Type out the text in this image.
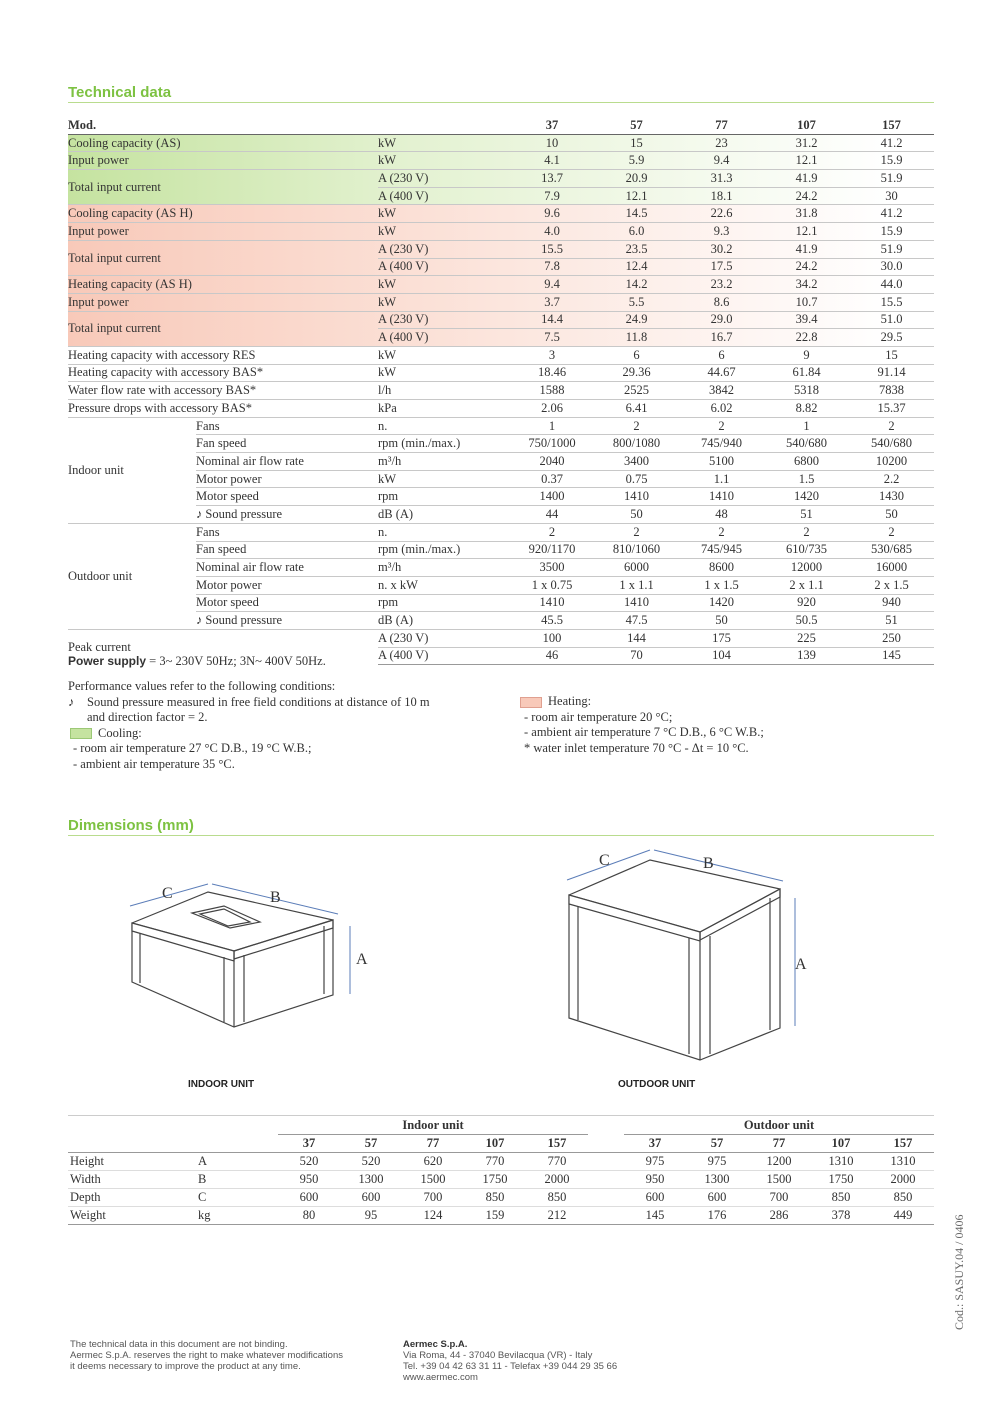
Technical data
Mod.			37	57	77	107	157
Cooling capacity (AS)		kW	10	15	23	31.2	41.2
Input power		kW	4.1	5.9	9.4	12.1	15.9
Total input current		A (230 V)	13.7	20.9	31.3	41.9	51.9
		A (400 V)	7.9	12.1	18.1	24.2	30
Cooling capacity (AS H)		kW	9.6	14.5	22.6	31.8	41.2
Input power		kW	4.0	6.0	9.3	12.1	15.9
Total input current		A (230 V)	15.5	23.5	30.2	41.9	51.9
		A (400 V)	7.8	12.4	17.5	24.2	30.0
Heating capacity (AS H)		kW	9.4	14.2	23.2	34.2	44.0
Input power		kW	3.7	5.5	8.6	10.7	15.5
Total input current		A (230 V)	14.4	24.9	29.0	39.4	51.0
		A (400 V)	7.5	11.8	16.7	22.8	29.5
Heating capacity with accessory RES		kW	3	6	6	9	15
Heating capacity with accessory BAS*		kW	18.46	29.36	44.67	61.84	91.14
Water flow rate with accessory BAS*		l/h	1588	2525	3842	5318	7838
Pressure drops with accessory BAS*		kPa	2.06	6.41	6.02	8.82	15.37
Indoor unit	Fans	n.	1	2	2	1	2
	Fan speed	rpm (min./max.)	750/1000	800/1080	745/940	540/680	540/680
	Nominal air flow rate	m³/h	2040	3400	5100	6800	10200
	Motor power	kW	0.37	0.75	1.1	1.5	2.2
	Motor speed	rpm	1400	1410	1410	1420	1430
	♪ Sound pressure	dB (A)	44	50	48	51	50
Outdoor unit	Fans	n.	2	2	2	2	2
	Fan speed	rpm (min./max.)	920/1170	810/1060	745/945	610/735	530/685
	Nominal air flow rate	m³/h	3500	6000	8600	12000	16000
	Motor power	n. x kW	1 x 0.75	1 x 1.1	1 x 1.5	2 x 1.1	2 x 1.5
	Motor speed	rpm	1410	1410	1420	920	940
	♪ Sound pressure	dB (A)	45.5	47.5	50	50.5	51
Peak current		A (230 V)	100	144	175	225	250
		A (400 V)	46	70	104	139	145
Power supply = 3~ 230V 50Hz; 3N~ 400V 50Hz.
Performance values refer to the following conditions:
♪ Sound pressure measured in free field conditions at distance of 10 m
and direction factor = 2.
Cooling:
- room air temperature 27 °C D.B., 19 °C W.B.;
- ambient air temperature 35 °C.
Heating:
- room air temperature 20 °C;
- ambient air temperature 7 °C D.B., 6 °C W.B.;
* water inlet temperature 70 °C - Δt = 10 °C.
Dimensions (mm)
C	B
A
INDOOR UNIT
C	B
A
OUTDOOR UNIT
		Indoor unit						Outdoor unit					
		37	57	77	107	157		37	57	77	107	157	
Height	A	520	520	620	770	770		975	975	1200	1310	1310	
Width	B	950	1300	1500	1750	2000		950	1300	1500	1750	2000	
Depth	C	600	600	700	850	850		600	600	700	850	850	
Weight	kg	80	95	124	159	212		145	176	286	378	449	
The technical data in this document are not binding.
Aermec S.p.A. reserves the right to make whatever modifications
it deems necessary to improve the product at any time.
Aermec S.p.A.
Via Roma, 44 - 37040 Bevilacqua (VR) - Italy
Tel. +39 04 42 63 31 11 - Telefax +39 044 29 35 66
www.aermec.com
Cod.: SASUY.04 / 0406
